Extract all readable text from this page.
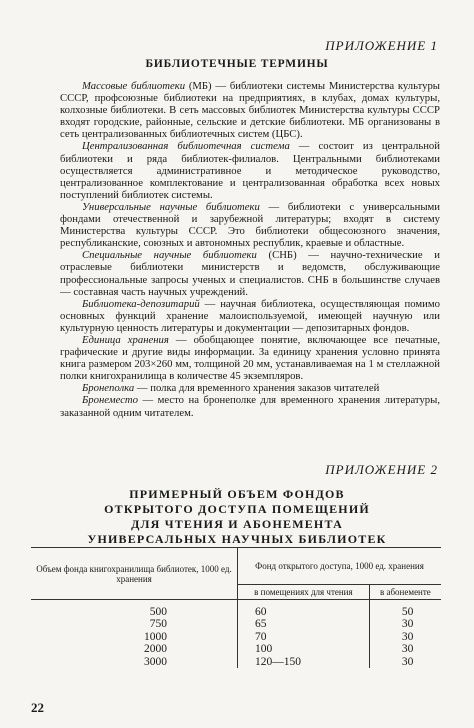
ПРИЛОЖЕНИЕ 1
БИБЛИОТЕЧНЫЕ ТЕРМИНЫ

Массовые библиотеки (МБ) — библиотеки системы Министерства культуры СССР, профсоюзные библиотеки на предприятиях, в клубах, домах культуры, колхозные библиотеки. В сеть массовых библиотек Министерства культуры СССР входят городские, районные, сельские и детские библиотеки. МБ организованы в сеть централизованных библиотечных систем (ЦБС).

Централизованная библиотечная система — состоит из центральной библиотеки и ряда библиотек-филиалов. Центральными библиотеками осуществляется административное и методическое руководство, централизованное комплектование и централизованная обработка всех новых поступлений библиотек системы.

Универсальные научные библиотеки — библиотеки с универсальными фондами отечественной и зарубежной литературы; входят в систему Министерства культуры СССР. Это библиотеки общесоюзного значения, республиканские, союзных и автономных республик, краевые и областные.

Специальные научные библиотеки (СНБ) — научно-технические и отраслевые библиотеки министерств и ведомств, обслуживающие профессиональные запросы ученых и специалистов. СНБ в большинстве случаев — составная часть научных учреждений.

Библиотека-депозитарий — научная библиотека, осуществляющая помимо основных функций хранение малоиспользуемой, имеющей научную или культурную ценность литературы и документации — депозитарных фондов.

Единица хранения — обобщающее понятие, включающее все печатные, графические и другие виды информации. За единицу хранения условно принята книга размером 203×260 мм, толщиной 20 мм, устанавливаемая на 1 м стеллажной полки книгохранилища в количестве 45 экземпляров.

Бронеполка — полка для временного хранения заказов читателей

Бронеместо — место на бронеполке для временного хранения литературы, заказанной одним читателем.

ПРИЛОЖЕНИЕ 2
ПРИМЕРНЫЙ ОБЪЕМ ФОНДОВ
ОТКРЫТОГО ДОСТУПА ПОМЕЩЕНИЙ
ДЛЯ ЧТЕНИЯ И АБОНЕМЕНТА
УНИВЕРСАЛЬНЫХ НАУЧНЫХ БИБЛИОТЕК
Объем фонда книгохранилища библиотек, 1000 ед. хранения	Фонд открытого доступа, 1000 ед. хранения	
	в помещениях для чтения	в абонементе
500	60	50
750	65	30
1000	70	30
2000	100	30
3000	120—150	30
22
